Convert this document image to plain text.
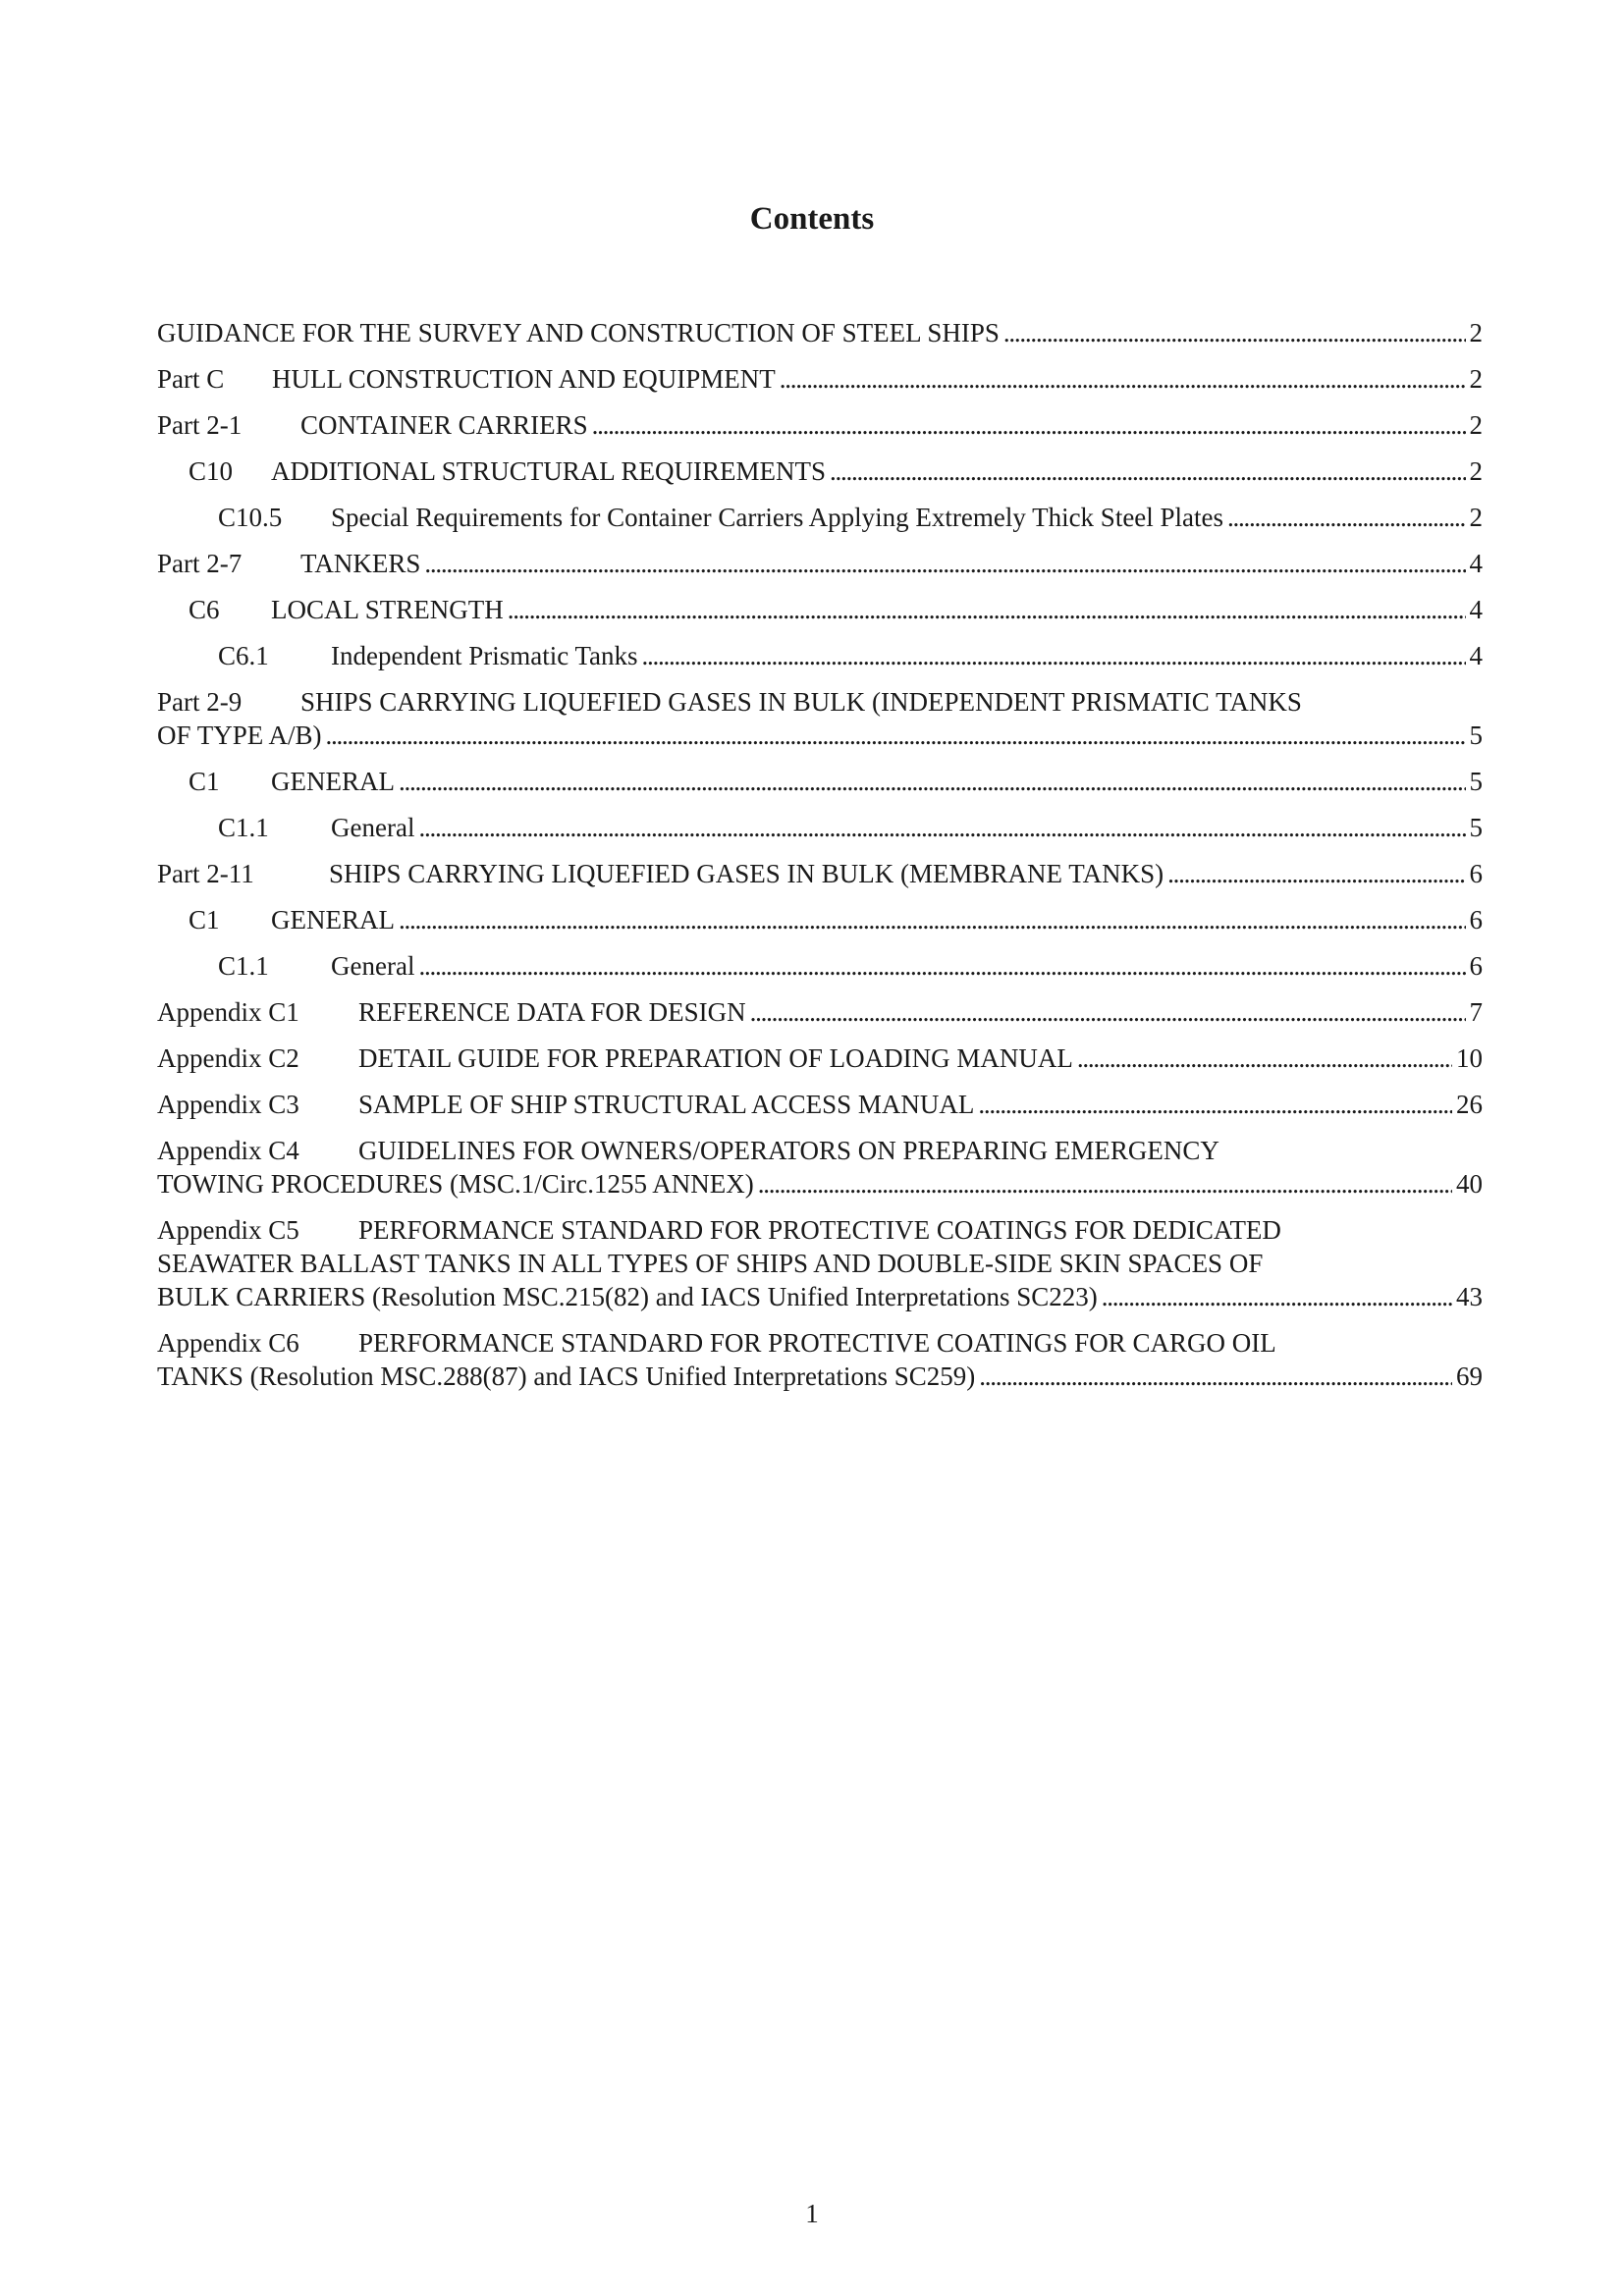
Contents
GUIDANCE FOR THE SURVEY AND CONSTRUCTION OF STEEL SHIPS . . .	2
Part C	HULL CONSTRUCTION AND EQUIPMENT . . .	2
Part 2-1	CONTAINER CARRIERS . . .	2
C10	ADDITIONAL STRUCTURAL REQUIREMENTS . . .	2
C10.5	Special Requirements for Container Carriers Applying Extremely Thick Steel Plates . . .	2
Part 2-7	TANKERS . . .	4
C6	LOCAL STRENGTH . . .	4
C6.1	Independent Prismatic Tanks . . .	4
Part 2-9	SHIPS CARRYING LIQUEFIED GASES IN BULK (INDEPENDENT PRISMATIC TANKS
OF TYPE A/B) . . .	5
C1	GENERAL . . .	5
C1.1	General . . .	5
Part 2-11	SHIPS CARRYING LIQUEFIED GASES IN BULK (MEMBRANE TANKS) . . .	6
C1	GENERAL . . .	6
C1.1	General . . .	6
Appendix C1	REFERENCE DATA FOR DESIGN . . .	7
Appendix C2	DETAIL GUIDE FOR PREPARATION OF LOADING MANUAL . . .	10
Appendix C3	SAMPLE OF SHIP STRUCTURAL ACCESS MANUAL . . .	26
Appendix C4	GUIDELINES FOR OWNERS/OPERATORS ON PREPARING EMERGENCY
TOWING PROCEDURES (MSC.1/Circ.1255 ANNEX) . . .	40
Appendix C5	PERFORMANCE STANDARD FOR PROTECTIVE COATINGS FOR DEDICATED
SEAWATER BALLAST TANKS IN ALL TYPES OF SHIPS AND DOUBLE-SIDE SKIN SPACES OF
BULK CARRIERS (Resolution MSC.215(82) and IACS Unified Interpretations SC223) . . .	43
Appendix C6	PERFORMANCE STANDARD FOR PROTECTIVE COATINGS FOR CARGO OIL
TANKS (Resolution MSC.288(87) and IACS Unified Interpretations SC259) . . .	69
1
